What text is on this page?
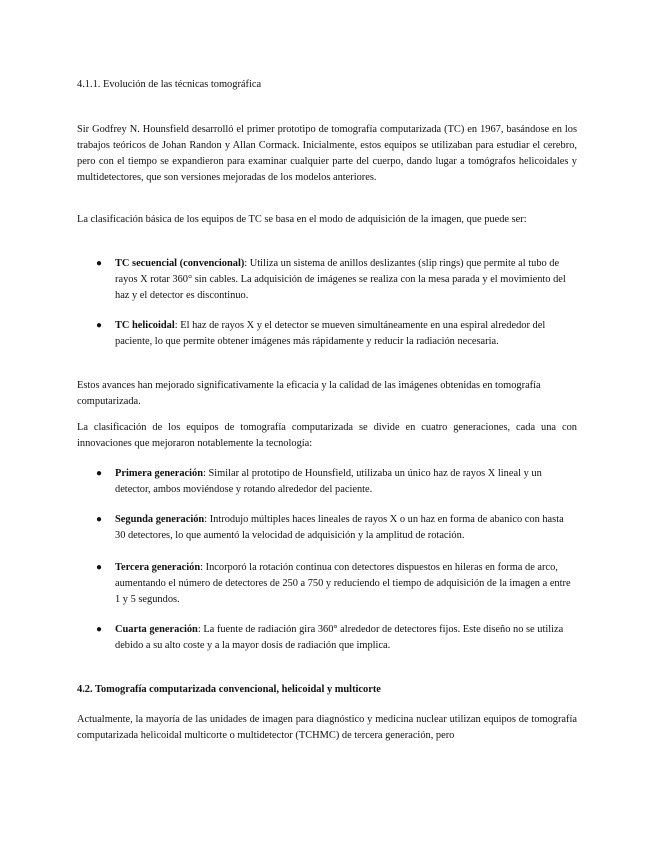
4.1.1. Evolución de las técnicas tomográfica

Sir Godfrey N. Hounsfield desarrolló el primer prototipo de tomografía computarizada (TC) en 1967, basándose en los trabajos teóricos de Johan Randon y Allan Cormack. Inicialmente, estos equipos se utilizaban para estudiar el cerebro, pero con el tiempo se expandieron para examinar cualquier parte del cuerpo, dando lugar a tomógrafos helicoidales y multidetectores, que son versiones mejoradas de los modelos anteriores.

La clasificación básica de los equipos de TC se basa en el modo de adquisición de la imagen, que puede ser:

● TC secuencial (convencional): Utiliza un sistema de anillos deslizantes (slip rings) que permite al tubo de rayos X rotar 360° sin cables. La adquisición de imágenes se realiza con la mesa parada y el movimiento del haz y el detector es discontinuo.
● TC helicoidal: El haz de rayos X y el detector se mueven simultáneamente en una espiral alrededor del paciente, lo que permite obtener imágenes más rápidamente y reducir la radiación necesaria.

Estos avances han mejorado significativamente la eficacia y la calidad de las imágenes obtenidas en tomografía computarizada.

La clasificación de los equipos de tomografía computarizada se divide en cuatro generaciones, cada una con innovaciones que mejoraron notablemente la tecnología:

● Primera generación: Similar al prototipo de Hounsfield, utilizaba un único haz de rayos X lineal y un detector, ambos moviéndose y rotando alrededor del paciente.
● Segunda generación: Introdujo múltiples haces lineales de rayos X o un haz en forma de abanico con hasta 30 detectores, lo que aumentó la velocidad de adquisición y la amplitud de rotación.
● Tercera generación: Incorporó la rotación continua con detectores dispuestos en hileras en forma de arco, aumentando el número de detectores de 250 a 750 y reduciendo el tiempo de adquisición de la imagen a entre 1 y 5 segundos.
● Cuarta generación: La fuente de radiación gira 360° alrededor de detectores fijos. Este diseño no se utiliza debido a su alto coste y a la mayor dosis de radiación que implica.

4.2. Tomografía computarizada convencional, helicoidal y multicorte

Actualmente, la mayoría de las unidades de imagen para diagnóstico y medicina nuclear utilizan equipos de tomografía computarizada helicoidal multicorte o multidetector (TCHMC) de tercera generación, pero
